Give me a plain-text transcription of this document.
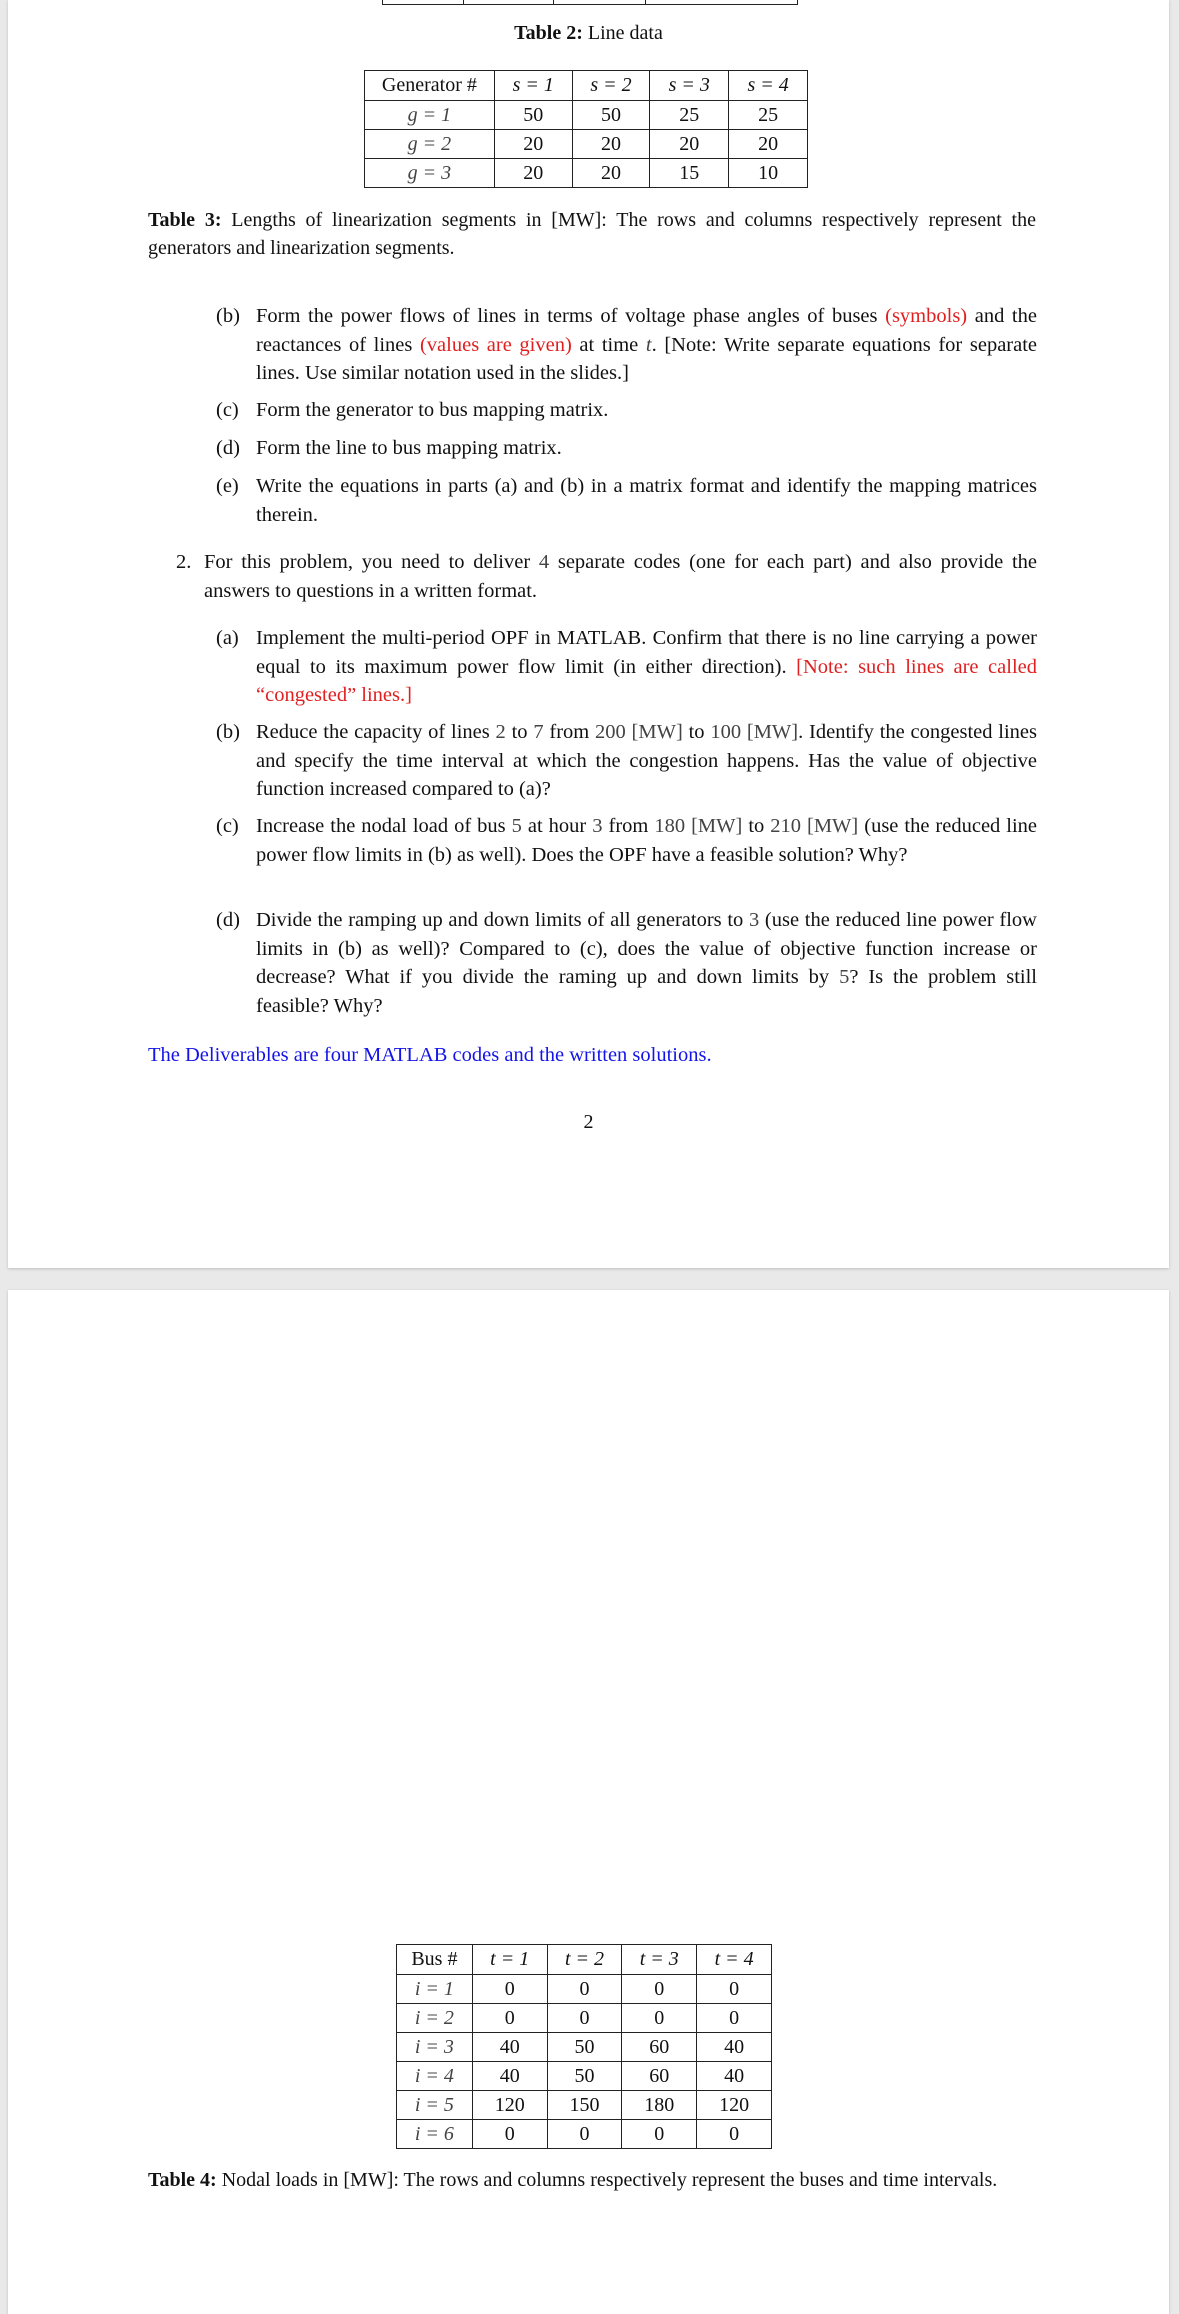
Table 2: Line data
Generator #	s = 1	s = 2	s = 3	s = 4
g = 1	50	50	25	25
g = 2	20	20	20	20
g = 3	20	20	15	10
Table 3: Lengths of linearization segments in [MW]: The rows and columns respectively represent the generators and linearization segments.
(b) Form the power flows of lines in terms of voltage phase angles of buses (symbols) and the reactances of lines (values are given) at time t. [Note: Write separate equations for separate lines. Use similar notation used in the slides.]
(c) Form the generator to bus mapping matrix.
(d) Form the line to bus mapping matrix.
(e) Write the equations in parts (a) and (b) in a matrix format and identify the mapping matrices therein.
2. For this problem, you need to deliver 4 separate codes (one for each part) and also provide the answers to questions in a written format.
(a) Implement the multi-period OPF in MATLAB. Confirm that there is no line carrying a power equal to its maximum power flow limit (in either direction). [Note: such lines are called “congested” lines.]
(b) Reduce the capacity of lines 2 to 7 from 200 [MW] to 100 [MW]. Identify the congested lines and specify the time interval at which the congestion happens. Has the value of objective function increased compared to (a)?
(c) Increase the nodal load of bus 5 at hour 3 from 180 [MW] to 210 [MW] (use the reduced line power flow limits in (b) as well). Does the OPF have a feasible solution? Why?
(d) Divide the ramping up and down limits of all generators to 3 (use the reduced line power flow limits in (b) as well)? Compared to (c), does the value of objective function increase or decrease? What if you divide the raming up and down limits by 5? Is the problem still feasible? Why?
The Deliverables are four MATLAB codes and the written solutions.
2
Bus #	t = 1	t = 2	t = 3	t = 4
i = 1	0	0	0	0
i = 2	0	0	0	0
i = 3	40	50	60	40
i = 4	40	50	60	40
i = 5	120	150	180	120
i = 6	0	0	0	0
Table 4: Nodal loads in [MW]: The rows and columns respectively represent the buses and time intervals.
